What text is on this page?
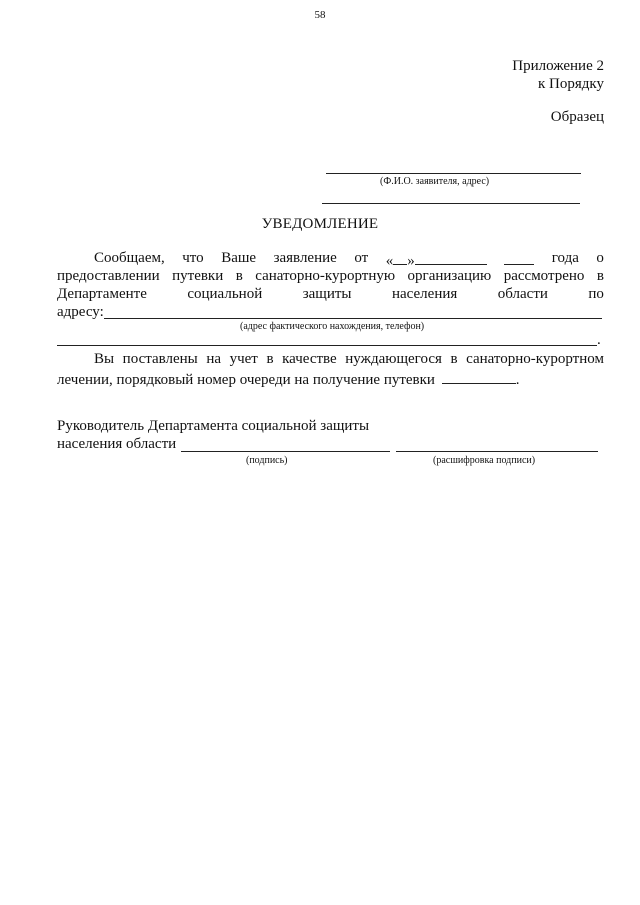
58
Приложение 2
к Порядку
Образец
(Ф.И.О. заявителя, адрес)
УВЕДОМЛЕНИЕ
Сообщаем, что Ваше заявление от « »	года о
предоставлении путевки в санаторно-курортную организацию рассмотрено в
Департаменте	социальной	защиты	населения	области	по
адресу:
(адрес фактического нахождения, телефон)
.
Вы поставлены на учет в качестве нуждающегося в санаторно-курортном
лечении, порядковый номер очереди на получение путевки	.
Руководитель Департамента социальной защиты
населения области
(подпись)	(расшифровка подписи)
